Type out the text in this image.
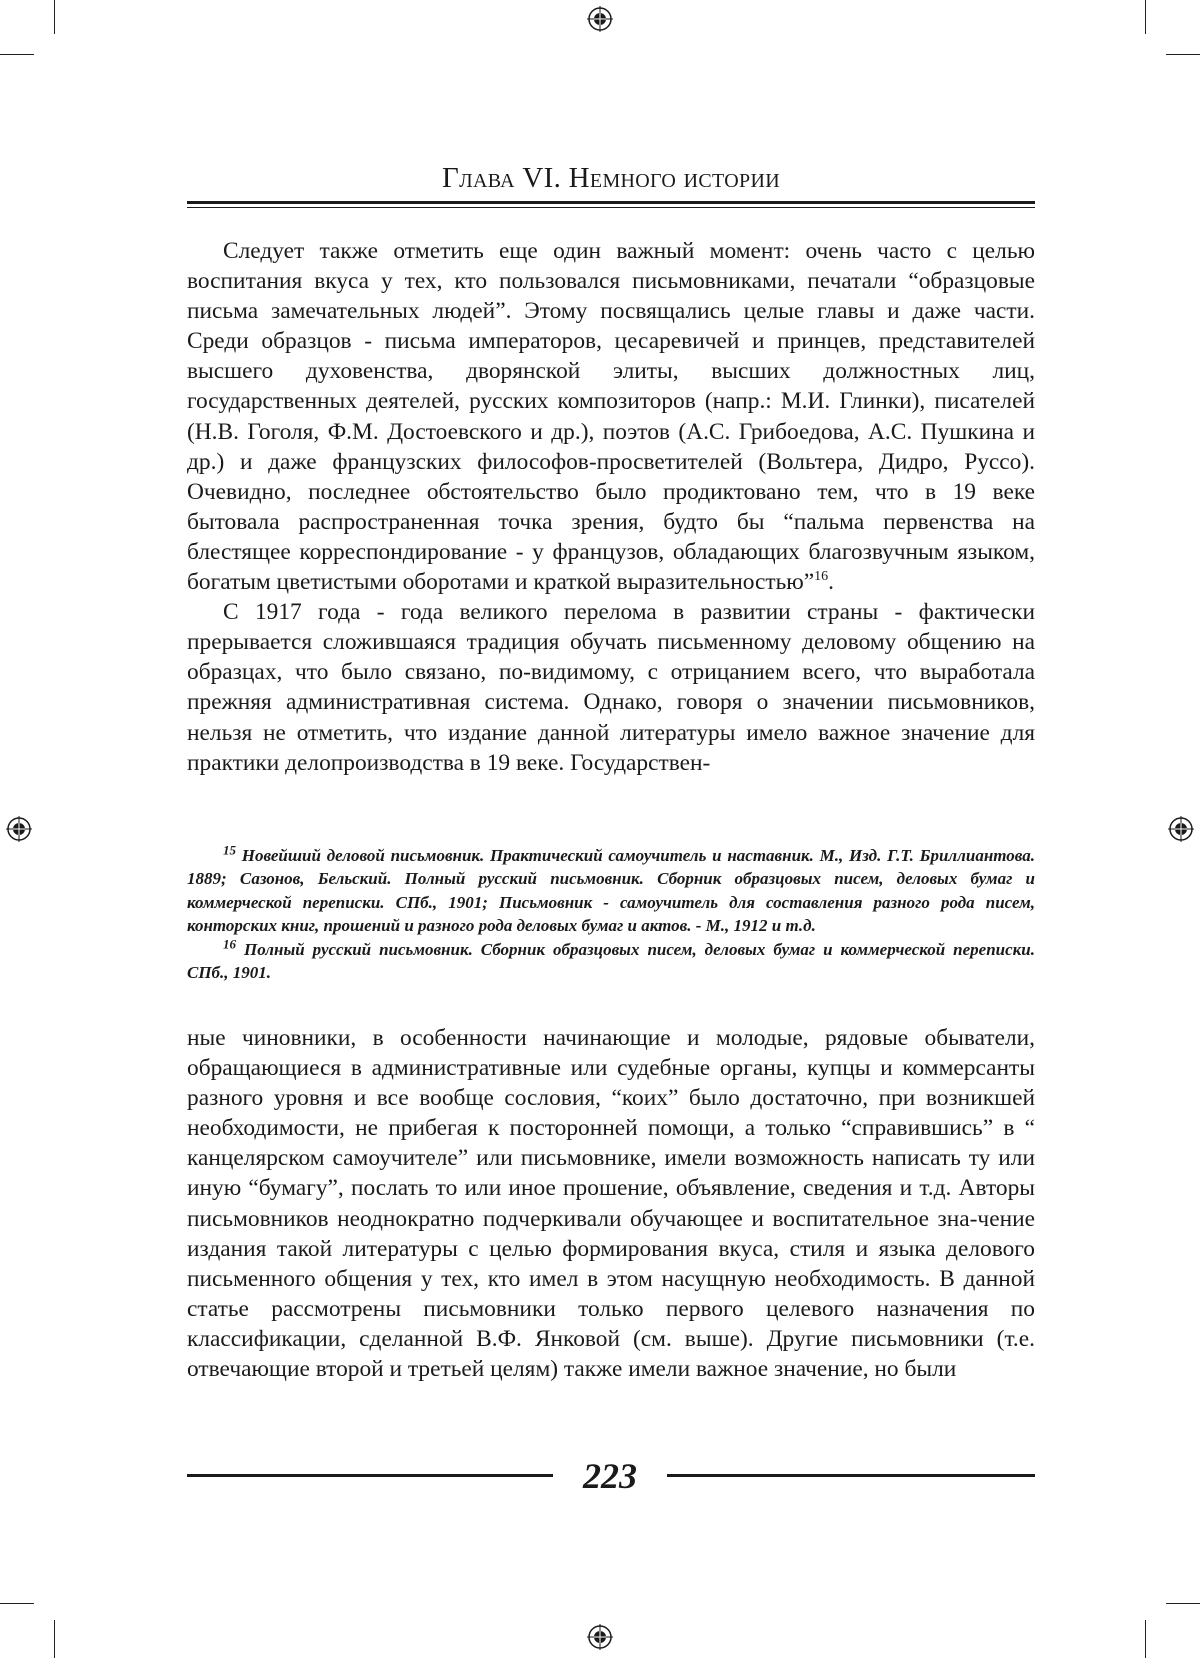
Глава VI. Немного истории

Следует также отметить еще один важный момент: очень часто с целью воспитания вкуса у тех, кто пользовался письмовниками, печатали “образцовые письма замечательных людей”. Этому посвящались целые главы и даже части. Среди образцов - письма императоров, цесаревичей и принцев, представителей высшего духовенства, дворянской элиты, высших должностных лиц, государственных деятелей, русских композиторов (напр.: М.И. Глинки), писателей (Н.В. Гоголя, Ф.М. Достоевского и др.), поэтов (А.С. Грибоедова, А.С. Пушкина и др.) и даже французских философов-просветителей (Вольтера, Дидро, Руссо). Очевидно, последнее обстоятельство было продиктовано тем, что в 19 веке бытовала распространенная точка зрения, будто бы “пальма первенства на блестящее корреспондирование - у французов, обладающих благозвучным языком, богатым цветистыми оборотами и краткой выразительностью”$^{16}$.

С 1917 года - года великого перелома в развитии страны - фактически прерывается сложившаяся традиция обучать письменному деловому общению на образцах, что было связано, по-видимому, с отрицанием всего, что выработала прежняя административная система. Однако, говоря о значении письмовников, нельзя не отметить, что издание данной литературы имело важное значение для практики делопроизводства в 19 веке. Государствен-

$^{15}$ Новейший деловой письмовник. Практический самоучитель и наставник. М., Изд. Г.Т. Бриллиантова. 1889; Сазонов, Бельский. Полный русский письмовник. Сборник образцовых писем, деловых бумаг и коммерческой переписки. СПб., 1901; Письмовник - самоучитель для составления разного рода писем, конторских книг, прошений и разного рода деловых бумаг и актов. - М., 1912 и т.д.

$^{16}$ Полный русский письмовник. Сборник образцовых писем, деловых бумаг и коммерческой переписки. СПб., 1901.

ные чиновники, в особенности начинающие и молодые, рядовые обыватели, обращающиеся в административные или судебные органы, купцы и коммерсанты разного уровня и все вообще сословия, “коих” было достаточно, при возникшей необходимости, не прибегая к посторонней помощи, а только “справившись” в “ канцелярском самоучителе” или письмовнике, имели возможность написать ту или иную “бумагу”, послать то или иное прошение, объявление, сведения и т.д. Авторы письмовников неоднократно подчеркивали обучающее и воспитательное зна-чение издания такой литературы с целью формирования вкуса, стиля и языка делового письменного общения у тех, кто имел в этом насущную необходимость. В данной статье рассмотрены письмовники только первого целевого назначения по классификации, сделанной В.Ф. Янковой (см. выше). Другие письмовники (т.е. отвечающие второй и третьей целям) также имели важное значение, но были

223
